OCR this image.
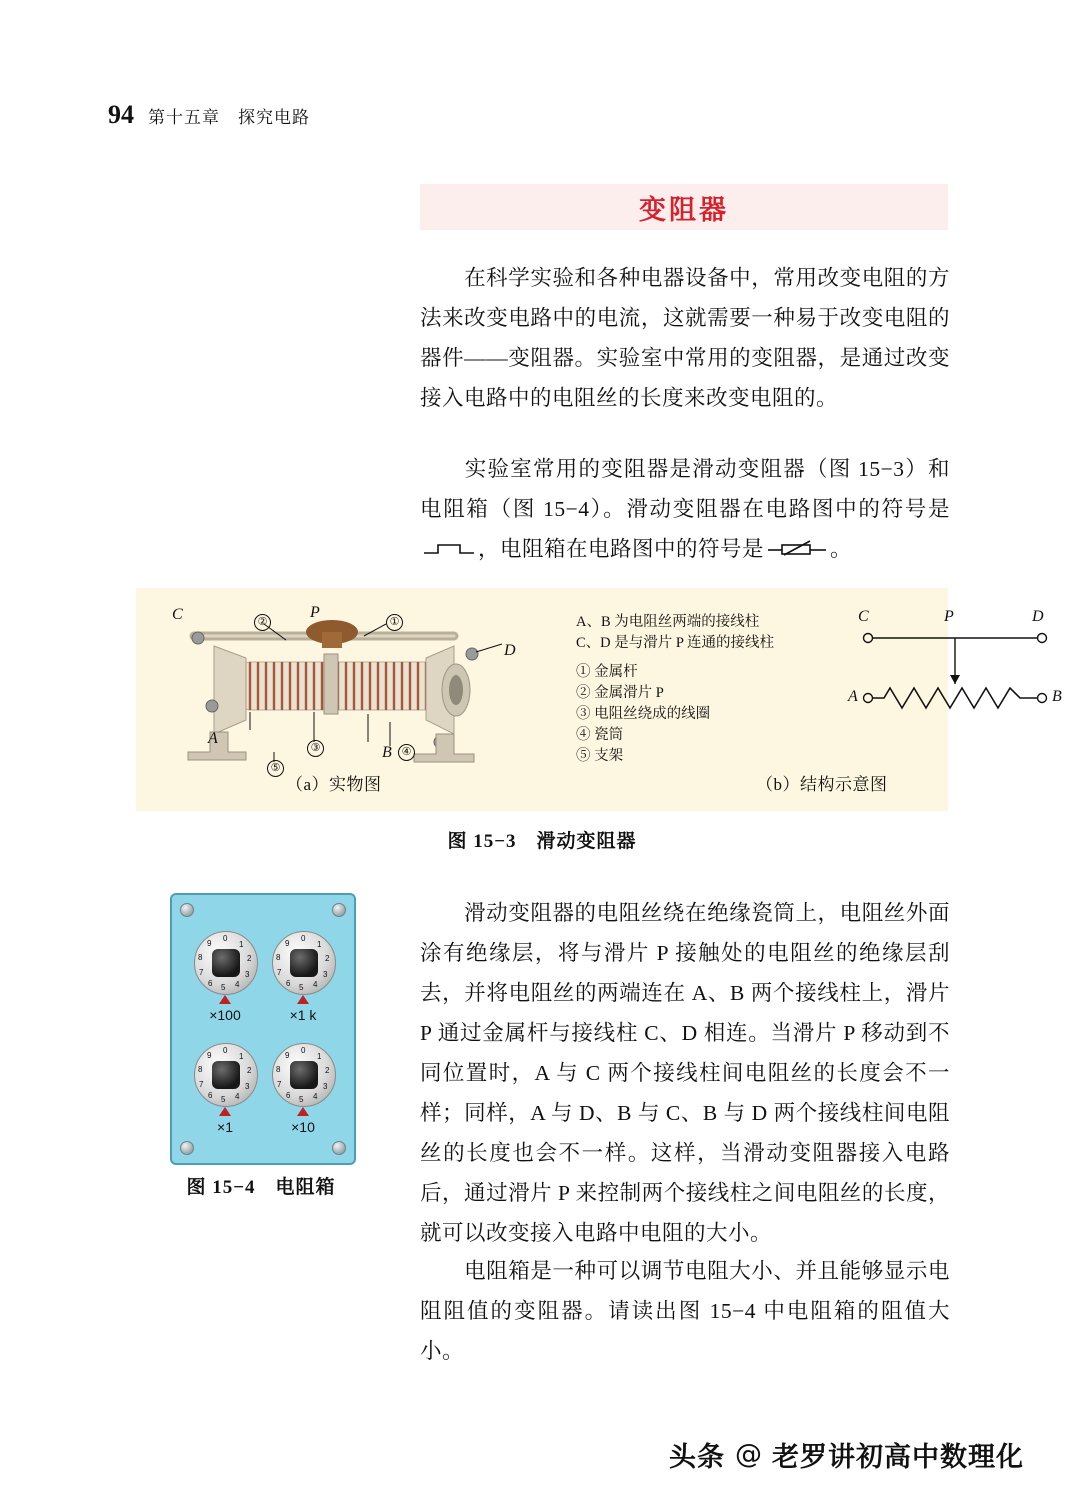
94 第十五章　探究电路
变阻器

在科学实验和各种电器设备中，常用改变电阻的方法来改变电路中的电流，这就需要一种易于改变电阻的器件——变阻器。实验室中常用的变阻器，是通过改变接入电路中的电阻丝的长度来改变电阻的。

实验室常用的变阻器是滑动变阻器（图 15−3）和电阻箱（图 15−4）。滑动变阻器在电路图中的符号是，电阻箱在电路图中的符号是	。

C	P
D
A
B
①
②
③	④
⑤
A、B 为电阻丝两端的接线柱
C、D 是与滑片 P 连通的接线柱
① 金属杆
② 金属滑片 P
③ 电阻丝绕成的线圈
④ 瓷筒
⑤ 支架
C	P	D
A	B
（a）实物图	（b）结构示意图
图 15−3　滑动变阻器

滑动变阻器的电阻丝绕在绝缘瓷筒上，电阻丝外面涂有绝缘层，将与滑片 P 接触处的电阻丝的绝缘层刮去，并将电阻丝的两端连在 A、B 两个接线柱上，滑片 P 通过金属杆与接线柱 C、D 相连。当滑片 P 移动到不同位置时，A 与 C 两个接线柱间电阻丝的长度会不一样；同样，A 与 D、B 与 C、B 与 D 两个接线柱间电阻丝的长度也会不一样。这样，当滑动变阻器接入电路后，通过滑片 P 来控制两个接线柱之间电阻丝的长度，就可以改变接入电路中电阻的大小。

0
1
2
3
4
5
6
7
8
9
×100
0
1
2
3
4
5
6
7
8
9
×1 k
0
1
2
3
4
5
6
7
8
9
×1
0
1
2
3
4
5
6
7
8
9
×10
图 15−4　电阻箱

电阻箱是一种可以调节电阻大小、并且能够显示电阻阻值的变阻器。请读出图 15−4 中电阻箱的阻值大小。

头条 @ 老罗讲初高中数理化
